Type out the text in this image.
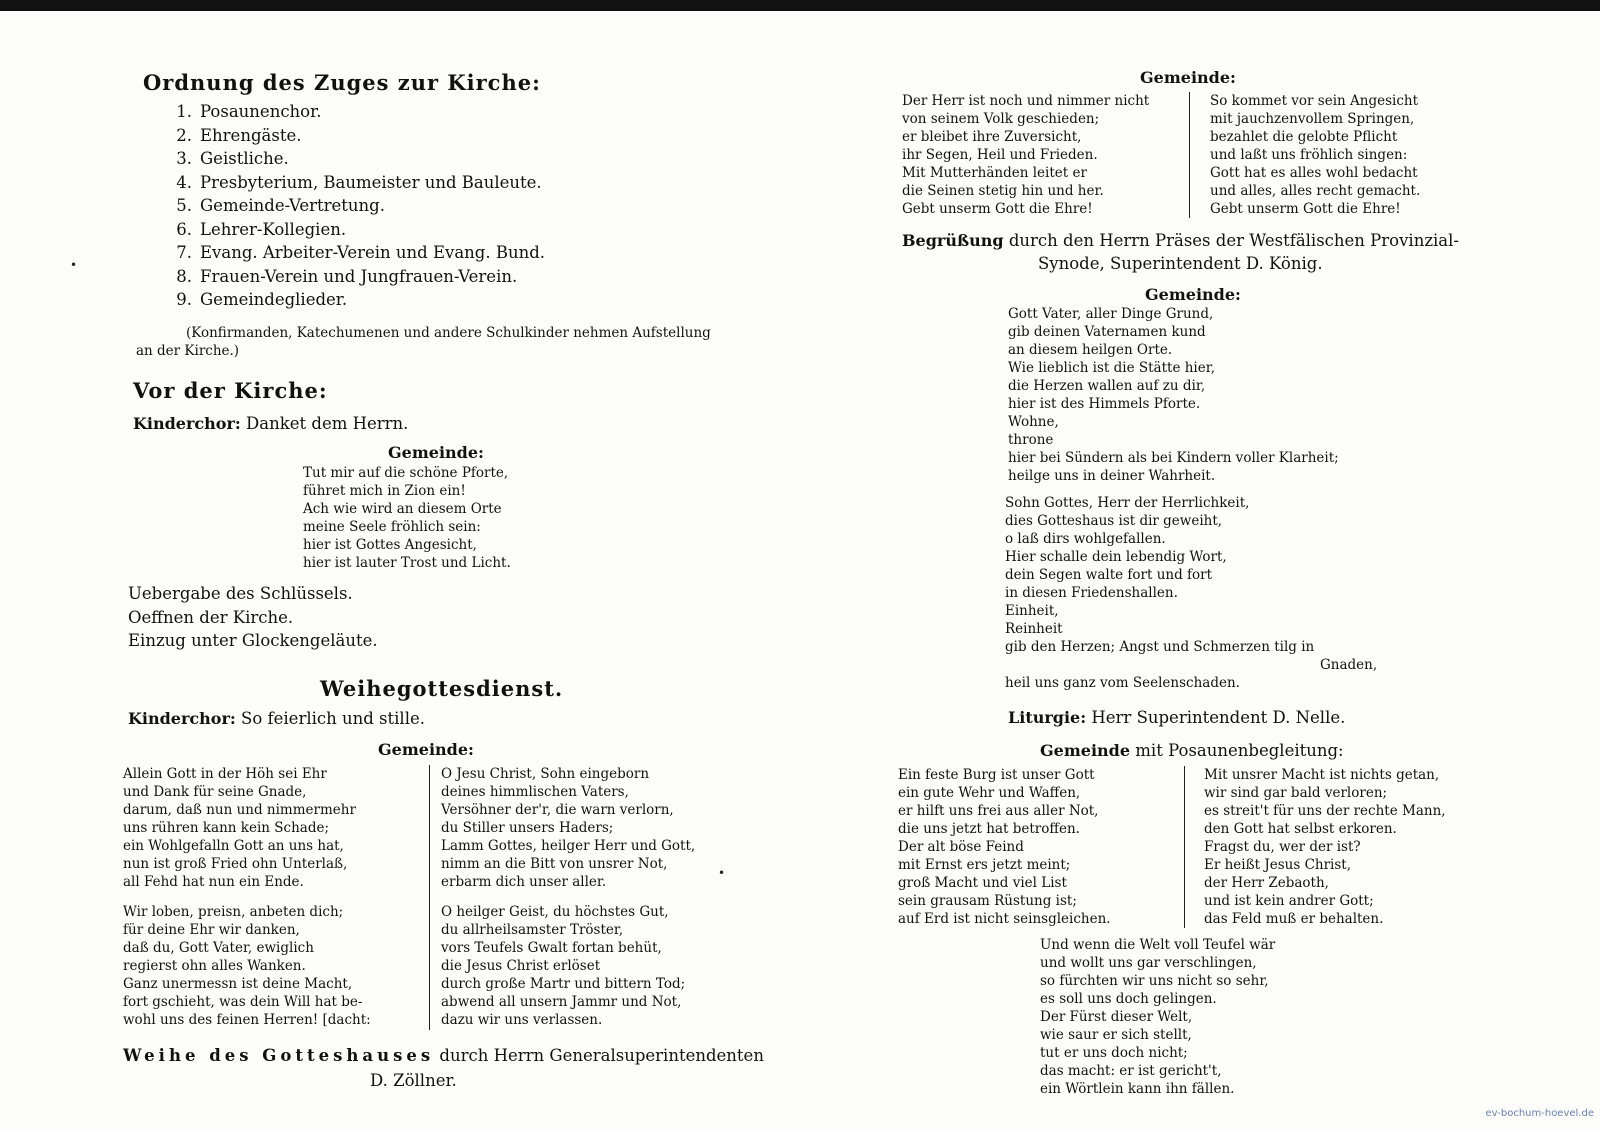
Ordnung des Zuges zur Kirche:
1. Posaunenchor.
2. Ehrengäste.
3. Geistliche.
4. Presbyterium, Baumeister und Bauleute.
5. Gemeinde-Vertretung.
6. Lehrer-Kollegien.
7. Evang. Arbeiter-Verein und Evang. Bund.
8. Frauen-Verein und Jungfrauen-Verein.
9. Gemeindeglieder.
(Konfirmanden, Katechumenen und andere Schulkinder nehmen Aufstellung
an der Kirche.)
Vor der Kirche:
Kinderchor: Danket dem Herrn.
Gemeinde:
Tut mir auf die schöne Pforte,
führet mich in Zion ein!
Ach wie wird an diesem Orte
meine Seele fröhlich sein:
hier ist Gottes Angesicht,
hier ist lauter Trost und Licht.
Uebergabe des Schlüssels.
Oeffnen der Kirche.
Einzug unter Glockengeläute.
Weihegottesdienst.
Kinderchor: So feierlich und stille.
Gemeinde:
Allein Gott in der Höh sei Ehr
und Dank für seine Gnade,
darum, daß nun und nimmermehr
uns rühren kann kein Schade;
ein Wohlgefalln Gott an uns hat,
nun ist groß Fried ohn Unterlaß,
all Fehd hat nun ein Ende.
Wir loben, preisn, anbeten dich;
für deine Ehr wir danken,
daß du, Gott Vater, ewiglich
regierst ohn alles Wanken.
Ganz unermessn ist deine Macht,
fort gschieht, was dein Will hat be-
wohl uns des feinen Herren! [dacht:
O Jesu Christ, Sohn eingeborn
deines himmlischen Vaters,
Versöhner der'r, die warn verlorn,
du Stiller unsers Haders;
Lamm Gottes, heilger Herr und Gott,
nimm an die Bitt von unsrer Not,
erbarm dich unser aller.
O heilger Geist, du höchstes Gut,
du allrheilsamster Tröster,
vors Teufels Gwalt fortan behüt,
die Jesus Christ erlöset
durch große Martr und bittern Tod;
abwend all unsern Jammr und Not,
dazu wir uns verlassen.
Weihe des Gotteshauses durch Herrn Generalsuperintendenten
D. Zöllner.
•
•
Gemeinde:
Der Herr ist noch und nimmer nicht
von seinem Volk geschieden;
er bleibet ihre Zuversicht,
ihr Segen, Heil und Frieden.
Mit Mutterhänden leitet er
die Seinen stetig hin und her.
Gebt unserm Gott die Ehre!
So kommet vor sein Angesicht
mit jauchzenvollem Springen,
bezahlet die gelobte Pflicht
und laßt uns fröhlich singen:
Gott hat es alles wohl bedacht
und alles, alles recht gemacht.
Gebt unserm Gott die Ehre!
Begrüßung durch den Herrn Präses der Westfälischen Provinzial-
Synode, Superintendent D. König.
Gemeinde:
Gott Vater, aller Dinge Grund,
gib deinen Vaternamen kund
an diesem heilgen Orte.
Wie lieblich ist die Stätte hier,
die Herzen wallen auf zu dir,
hier ist des Himmels Pforte.
Wohne,
throne
hier bei Sündern als bei Kindern voller Klarheit;
heilge uns in deiner Wahrheit.
Sohn Gottes, Herr der Herrlichkeit,
dies Gotteshaus ist dir geweiht,
o laß dirs wohlgefallen.
Hier schalle dein lebendig Wort,
dein Segen walte fort und fort
in diesen Friedenshallen.
Einheit,
Reinheit
gib den Herzen; Angst und Schmerzen tilg in
Gnaden,
heil uns ganz vom Seelenschaden.
Liturgie: Herr Superintendent D. Nelle.
Gemeinde mit Posaunenbegleitung:
Ein feste Burg ist unser Gott
ein gute Wehr und Waffen,
er hilft uns frei aus aller Not,
die uns jetzt hat betroffen.
Der alt böse Feind
mit Ernst ers jetzt meint;
groß Macht und viel List
sein grausam Rüstung ist;
auf Erd ist nicht seinsgleichen.
Mit unsrer Macht ist nichts getan,
wir sind gar bald verloren;
es streit't für uns der rechte Mann,
den Gott hat selbst erkoren.
Fragst du, wer der ist?
Er heißt Jesus Christ,
der Herr Zebaoth,
und ist kein andrer Gott;
das Feld muß er behalten.
Und wenn die Welt voll Teufel wär
und wollt uns gar verschlingen,
so fürchten wir uns nicht so sehr,
es soll uns doch gelingen.
Der Fürst dieser Welt,
wie saur er sich stellt,
tut er uns doch nicht;
das macht: er ist gericht't,
ein Wörtlein kann ihn fällen.
ev-bochum-hoevel.de
